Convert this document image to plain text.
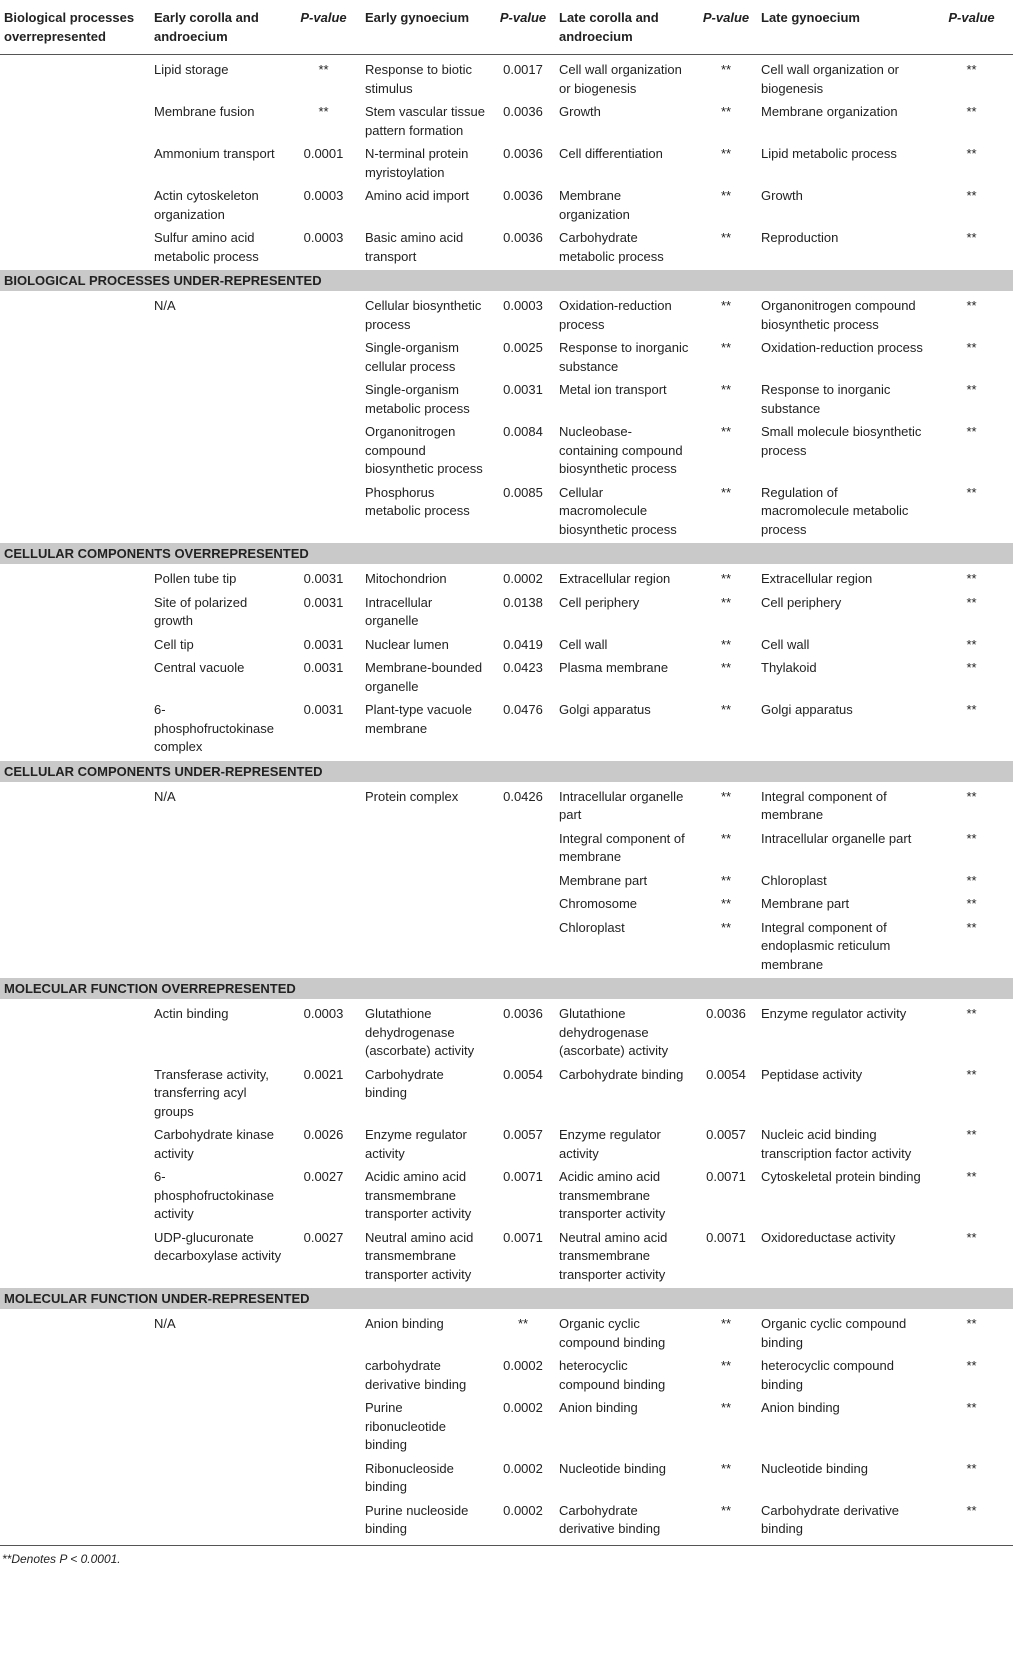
Biological processes overrepresented	Early corolla and androecium	P-value	Early gynoecium	P-value	Late corolla and androecium	P-value	Late gynoecium	P-value
	Lipid storage	**	Response to biotic stimulus	0.0017	Cell wall organization or biogenesis	**	Cell wall organization or biogenesis	**
	Membrane fusion	**	Stem vascular tissue pattern formation	0.0036	Growth	**	Membrane organization	**
	Ammonium transport	0.0001	N-terminal protein myristoylation	0.0036	Cell differentiation	**	Lipid metabolic process	**
	Actin cytoskeleton organization	0.0003	Amino acid import	0.0036	Membrane organization	**	Growth	**
	Sulfur amino acid metabolic process	0.0003	Basic amino acid transport	0.0036	Carbohydrate metabolic process	**	Reproduction	**
BIOLOGICAL PROCESSES UNDER-REPRESENTED								
	N/A		Cellular biosynthetic process	0.0003	Oxidation-reduction process	**	Organonitrogen compound biosynthetic process	**
			Single-organism cellular process	0.0025	Response to inorganic substance	**	Oxidation-reduction process	**
			Single-organism metabolic process	0.0031	Metal ion transport	**	Response to inorganic substance	**
			Organonitrogen compound biosynthetic process	0.0084	Nucleobase-containing compound biosynthetic process	**	Small molecule biosynthetic process	**
			Phosphorus metabolic process	0.0085	Cellular macromolecule biosynthetic process	**	Regulation of macromolecule metabolic process	**
CELLULAR COMPONENTS OVERREPRESENTED								
	Pollen tube tip	0.0031	Mitochondrion	0.0002	Extracellular region	**	Extracellular region	**
	Site of polarized growth	0.0031	Intracellular organelle	0.0138	Cell periphery	**	Cell periphery	**
	Cell tip	0.0031	Nuclear lumen	0.0419	Cell wall	**	Cell wall	**
	Central vacuole	0.0031	Membrane-bounded organelle	0.0423	Plasma membrane	**	Thylakoid	**
	6-phosphofructokinase complex	0.0031	Plant-type vacuole membrane	0.0476	Golgi apparatus	**	Golgi apparatus	**
CELLULAR COMPONENTS UNDER-REPRESENTED								
	N/A		Protein complex	0.0426	Intracellular organelle part	**	Integral component of membrane	**
					Integral component of membrane	**	Intracellular organelle part	**
					Membrane part	**	Chloroplast	**
					Chromosome	**	Membrane part	**
					Chloroplast	**	Integral component of endoplasmic reticulum membrane	**
MOLECULAR FUNCTION OVERREPRESENTED								
	Actin binding	0.0003	Glutathione dehydrogenase (ascorbate) activity	0.0036	Glutathione dehydrogenase (ascorbate) activity	0.0036	Enzyme regulator activity	**
	Transferase activity, transferring acyl groups	0.0021	Carbohydrate binding	0.0054	Carbohydrate binding	0.0054	Peptidase activity	**
	Carbohydrate kinase activity	0.0026	Enzyme regulator activity	0.0057	Enzyme regulator activity	0.0057	Nucleic acid binding transcription factor activity	**
	6-phosphofructokinase activity	0.0027	Acidic amino acid transmembrane transporter activity	0.0071	Acidic amino acid transmembrane transporter activity	0.0071	Cytoskeletal protein binding	**
	UDP-glucuronate decarboxylase activity	0.0027	Neutral amino acid transmembrane transporter activity	0.0071	Neutral amino acid transmembrane transporter activity	0.0071	Oxidoreductase activity	**
MOLECULAR FUNCTION UNDER-REPRESENTED								
	N/A		Anion binding	**	Organic cyclic compound binding	**	Organic cyclic compound binding	**
			carbohydrate derivative binding	0.0002	heterocyclic compound binding	**	heterocyclic compound binding	**
			Purine ribonucleotide binding	0.0002	Anion binding	**	Anion binding	**
			Ribonucleoside binding	0.0002	Nucleotide binding	**	Nucleotide binding	**
			Purine nucleoside binding	0.0002	Carbohydrate derivative binding	**	Carbohydrate derivative binding	**
**Denotes P < 0.0001.
